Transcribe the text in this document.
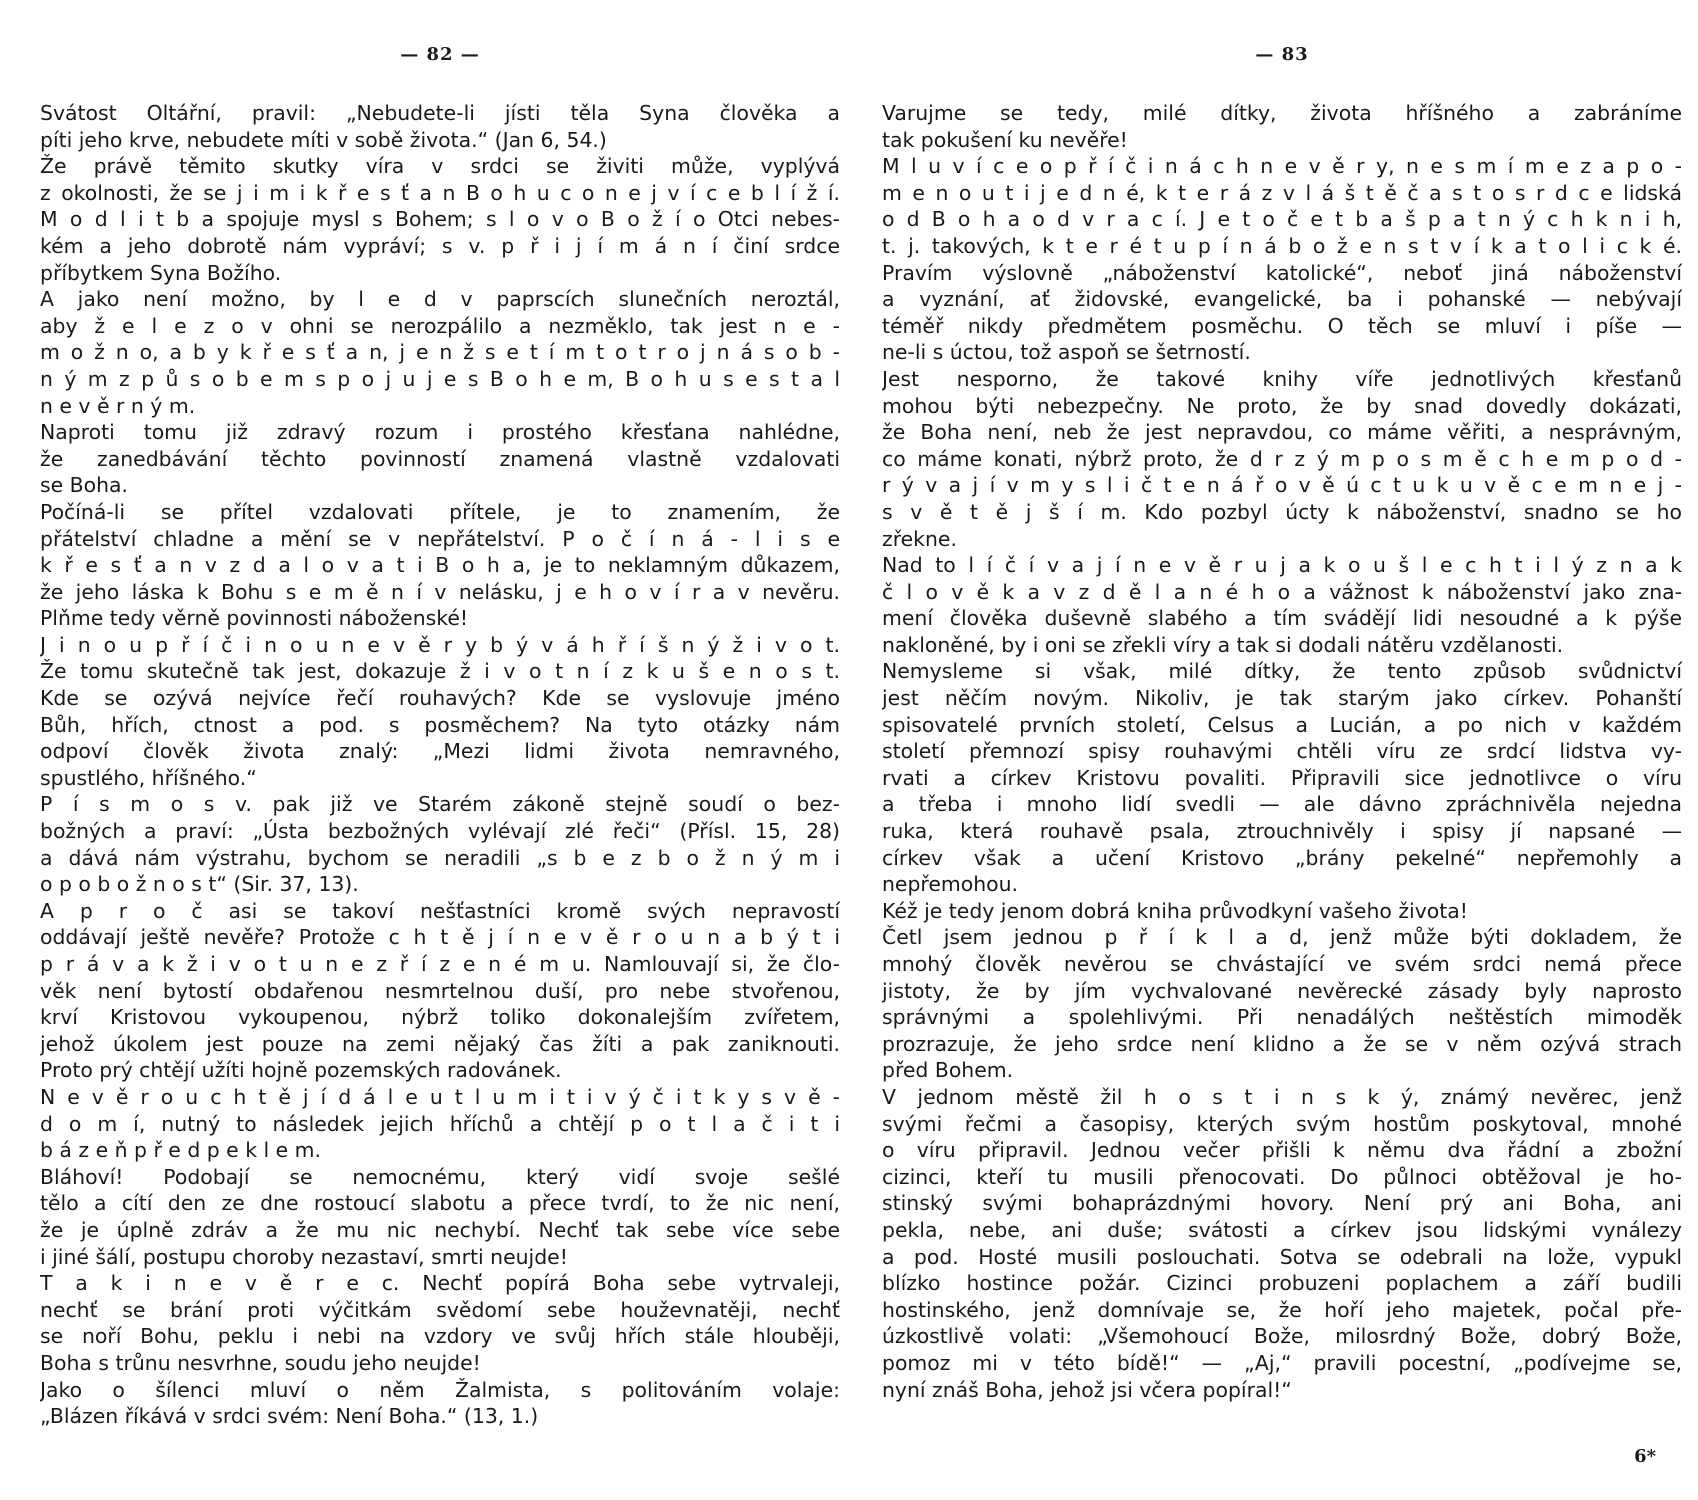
— 82 —
Svátost Oltářní, pravil: „Nebudete-li jísti těla Syna člověka a
píti jeho krve, nebudete míti v sobě života.“ (Jan 6, 54.)
Že právě těmito skutky víra v srdci se živiti může, vyplývá
z okolnosti, že se j i m i k ř e s ť a n B o h u c o n e j v í c e b l í ž í.
M o d l i t b a spojuje mysl s Bohem; s l o v o B o ž í o Otci nebes-
kém a jeho dobrotě nám vypráví; s v. p ř i j í m á n í činí srdce
příbytkem Syna Božího.
A jako není možno, by l e d v paprscích slunečních neroztál,
aby ž e l e z o v ohni se nerozpálilo a nezměklo, tak jest n e -
m o ž n o, a b y k ř e s ť a n, j e n ž s e t í m t o t r o j n á s o b -
n ý m z p ů s o b e m s p o j u j e s B o h e m, B o h u s e s t a l
n e v ě r n ý m.
Naproti tomu již zdravý rozum i prostého křesťana nahlédne,
že zanedbávání těchto povinností znamená vlastně vzdalovati
se Boha.
Počíná-li se přítel vzdalovati přítele, je to znamením, že
přátelství chladne a mění se v nepřátelství. P o č í n á - l i s e
k ř e s ť a n v z d a l o v a t i B o h a, je to neklamným důkazem,
že jeho láska k Bohu s e m ě n í v nelásku, j e h o v í r a v nevěru.
Plňme tedy věrně povinnosti náboženské!
J i n o u p ř í č i n o u n e v ě r y b ý v á h ř í š n ý ž i v o t.
Že tomu skutečně tak jest, dokazuje ž i v o t n í z k u š e n o s t.
Kde se ozývá nejvíce řečí rouhavých? Kde se vyslovuje jméno
Bůh, hřích, ctnost a pod. s posměchem? Na tyto otázky nám
odpoví člověk života znalý: „Mezi lidmi života nemravného,
spustlého, hříšného.“
P í s m o s v. pak již ve Starém zákoně stejně soudí o bez-
božných a praví: „Ústa bezbožných vylévají zlé řeči“ (Přísl. 15, 28)
a dává nám výstrahu, bychom se neradili „s b e z b o ž n ý m i
o p o b o ž n o s t“ (Sir. 37, 13).
A p r o č asi se takoví nešťastníci kromě svých nepravostí
oddávají ještě nevěře? Protože c h t ě j í n e v ě r o u n a b ý t i
p r á v a k ž i v o t u n e z ř í z e n é m u. Namlouvají si, že člo-
věk není bytostí obdařenou nesmrtelnou duší, pro nebe stvořenou,
krví Kristovou vykoupenou, nýbrž toliko dokonalejším zvířetem,
jehož úkolem jest pouze na zemi nějaký čas žíti a pak zaniknouti.
Proto prý chtějí užíti hojně pozemských radovánek.
N e v ě r o u c h t ě j í d á l e u t l u m i t i v ý č i t k y s v ě -
d o m í, nutný to následek jejich hříchů a chtějí p o t l a č i t i
b á z e ň p ř e d p e k l e m.
Bláhoví! Podobají se nemocnému, který vidí svoje sešlé
tělo a cítí den ze dne rostoucí slabotu a přece tvrdí, to že nic není,
že je úplně zdráv a že mu nic nechybí. Nechť tak sebe více sebe
i jiné šálí, postupu choroby nezastaví, smrti neujde!
T a k i n e v ě r e c. Nechť popírá Boha sebe vytrvaleji,
nechť se brání proti výčitkám svědomí sebe houževnatěji, nechť
se noří Bohu, peklu i nebi na vzdory ve svůj hřích stále hlouběji,
Boha s trůnu nesvrhne, soudu jeho neujde!
Jako o šílenci mluví o něm Žalmista, s politováním volaje:
„Blázen říkává v srdci svém: Není Boha.“ (13, 1.)
— 83
Varujme se tedy, milé dítky, života hříšného a zabráníme
tak pokušení ku nevěře!
M l u v í c e o p ř í č i n á c h n e v ě r y, n e s m í m e z a p o -
m e n o u t i j e d n é, k t e r á z v l á š t ě č a s t o s r d c e lidská
o d B o h a o d v r a c í. J e t o č e t b a š p a t n ý c h k n i h,
t. j. takových, k t e r é t u p í n á b o ž e n s t v í k a t o l i c k é.
Pravím výslovně „náboženství katolické“, neboť jiná náboženství
a vyznání, ať židovské, evangelické, ba i pohanské — nebývají
téměř nikdy předmětem posměchu. O těch se mluví i píše —
ne-li s úctou, tož aspoň se šetrností.
Jest nesporno, že takové knihy víře jednotlivých křesťanů
mohou býti nebezpečny. Ne proto, že by snad dovedly dokázati,
že Boha není, neb že jest nepravdou, co máme věřiti, a nesprávným,
co máme konati, nýbrž proto, že d r z ý m p o s m ě c h e m p o d -
r ý v a j í v m y s l i č t e n á ř o v ě ú c t u k u v ě c e m n e j -
s v ě t ě j š í m. Kdo pozbyl úcty k náboženství, snadno se ho
zřekne.
Nad to l í č í v a j í n e v ě r u j a k o u š l e c h t i l ý z n a k
č l o v ě k a v z d ě l a n é h o a vážnost k náboženství jako zna-
mení člověka duševně slabého a tím svádějí lidi nesoudné a k pýše
nakloněné, by i oni se zřekli víry a tak si dodali nátěru vzdělanosti.
Nemysleme si však, milé dítky, že tento způsob svůdnictví
jest něčím novým. Nikoliv, je tak starým jako církev. Pohanští
spisovatelé prvních století, Celsus a Lucián, a po nich v každém
století přemnozí spisy rouhavými chtěli víru ze srdcí lidstva vy-
rvati a církev Kristovu povaliti. Připravili sice jednotlivce o víru
a třeba i mnoho lidí svedli — ale dávno zpráchnivěla nejedna
ruka, která rouhavě psala, ztrouchnivěly i spisy jí napsané —
církev však a učení Kristovo „brány pekelné“ nepřemohly a
nepřemohou.
Kéž je tedy jenom dobrá kniha průvodkyní vašeho života!
Četl jsem jednou p ř í k l a d, jenž může býti dokladem, že
mnohý člověk nevěrou se chvástající ve svém srdci nemá přece
jistoty, že by jím vychvalované nevěrecké zásady byly naprosto
správnými a spolehlivými. Při nenadálých neštěstích mimoděk
prozrazuje, že jeho srdce není klidno a že se v něm ozývá strach
před Bohem.
V jednom městě žil h o s t i n s k ý, známý nevěrec, jenž
svými řečmi a časopisy, kterých svým hostům poskytoval, mnohé
o víru připravil. Jednou večer přišli k němu dva řádní a zbožní
cizinci, kteří tu musili přenocovati. Do půlnoci obtěžoval je ho-
stinský svými bohaprázdnými hovory. Není prý ani Boha, ani
pekla, nebe, ani duše; svátosti a církev jsou lidskými vynálezy
a pod. Hosté musili poslouchati. Sotva se odebrali na lože, vypukl
blízko hostince požár. Cizinci probuzeni poplachem a září budili
hostinského, jenž domnívaje se, že hoří jeho majetek, počal pře-
úzkostlivě volati: „Všemohoucí Bože, milosrdný Bože, dobrý Bože,
pomoz mi v této bídě!“ — „Aj,“ pravili pocestní, „podívejme se,
nyní znáš Boha, jehož jsi včera popíral!“
6*
